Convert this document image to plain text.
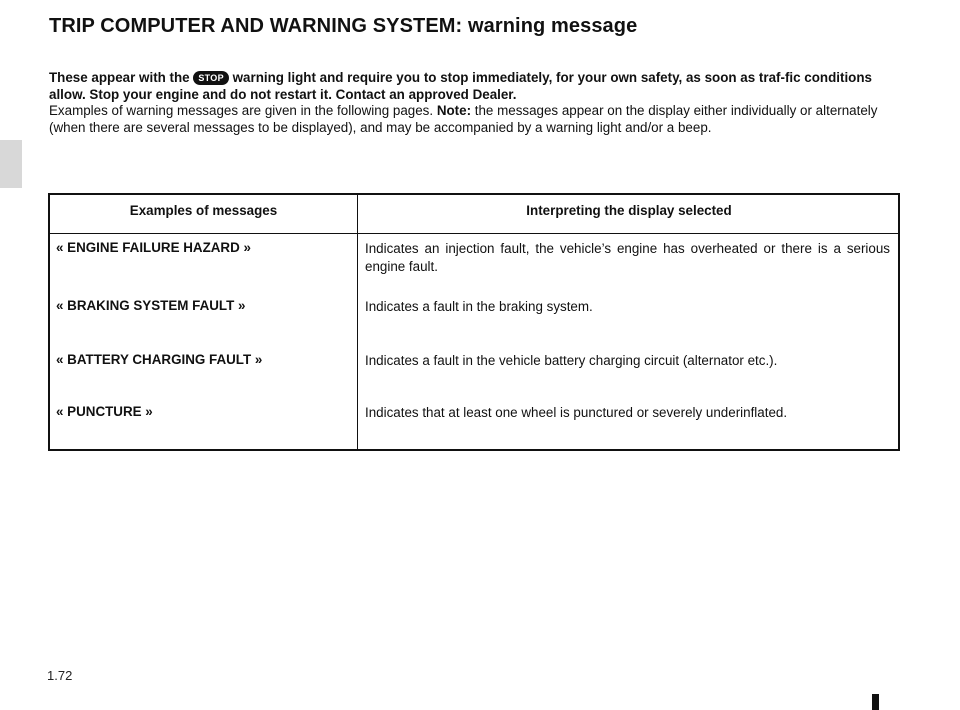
TRIP COMPUTER AND WARNING SYSTEM: warning message
These appear with the STOP warning light and require you to stop immediately, for your own safety, as soon as traf-fic conditions allow. Stop your engine and do not restart it. Contact an approved Dealer.
Examples of warning messages are given in the following pages. Note: the messages appear on the display either individually or alternately (when there are several messages to be displayed), and may be accompanied by a warning light and/or a beep.
Examples of messages	Interpreting the display selected
« ENGINE FAILURE HAZARD »	Indicates an injection fault, the vehicle’s engine has overheated or there is a serious engine fault.
« BRAKING SYSTEM FAULT »	Indicates a fault in the braking system.
« BATTERY CHARGING FAULT »	Indicates a fault in the vehicle battery charging circuit (alternator etc.).
« PUNCTURE »	Indicates that at least one wheel is punctured or severely underinflated.
1.72
